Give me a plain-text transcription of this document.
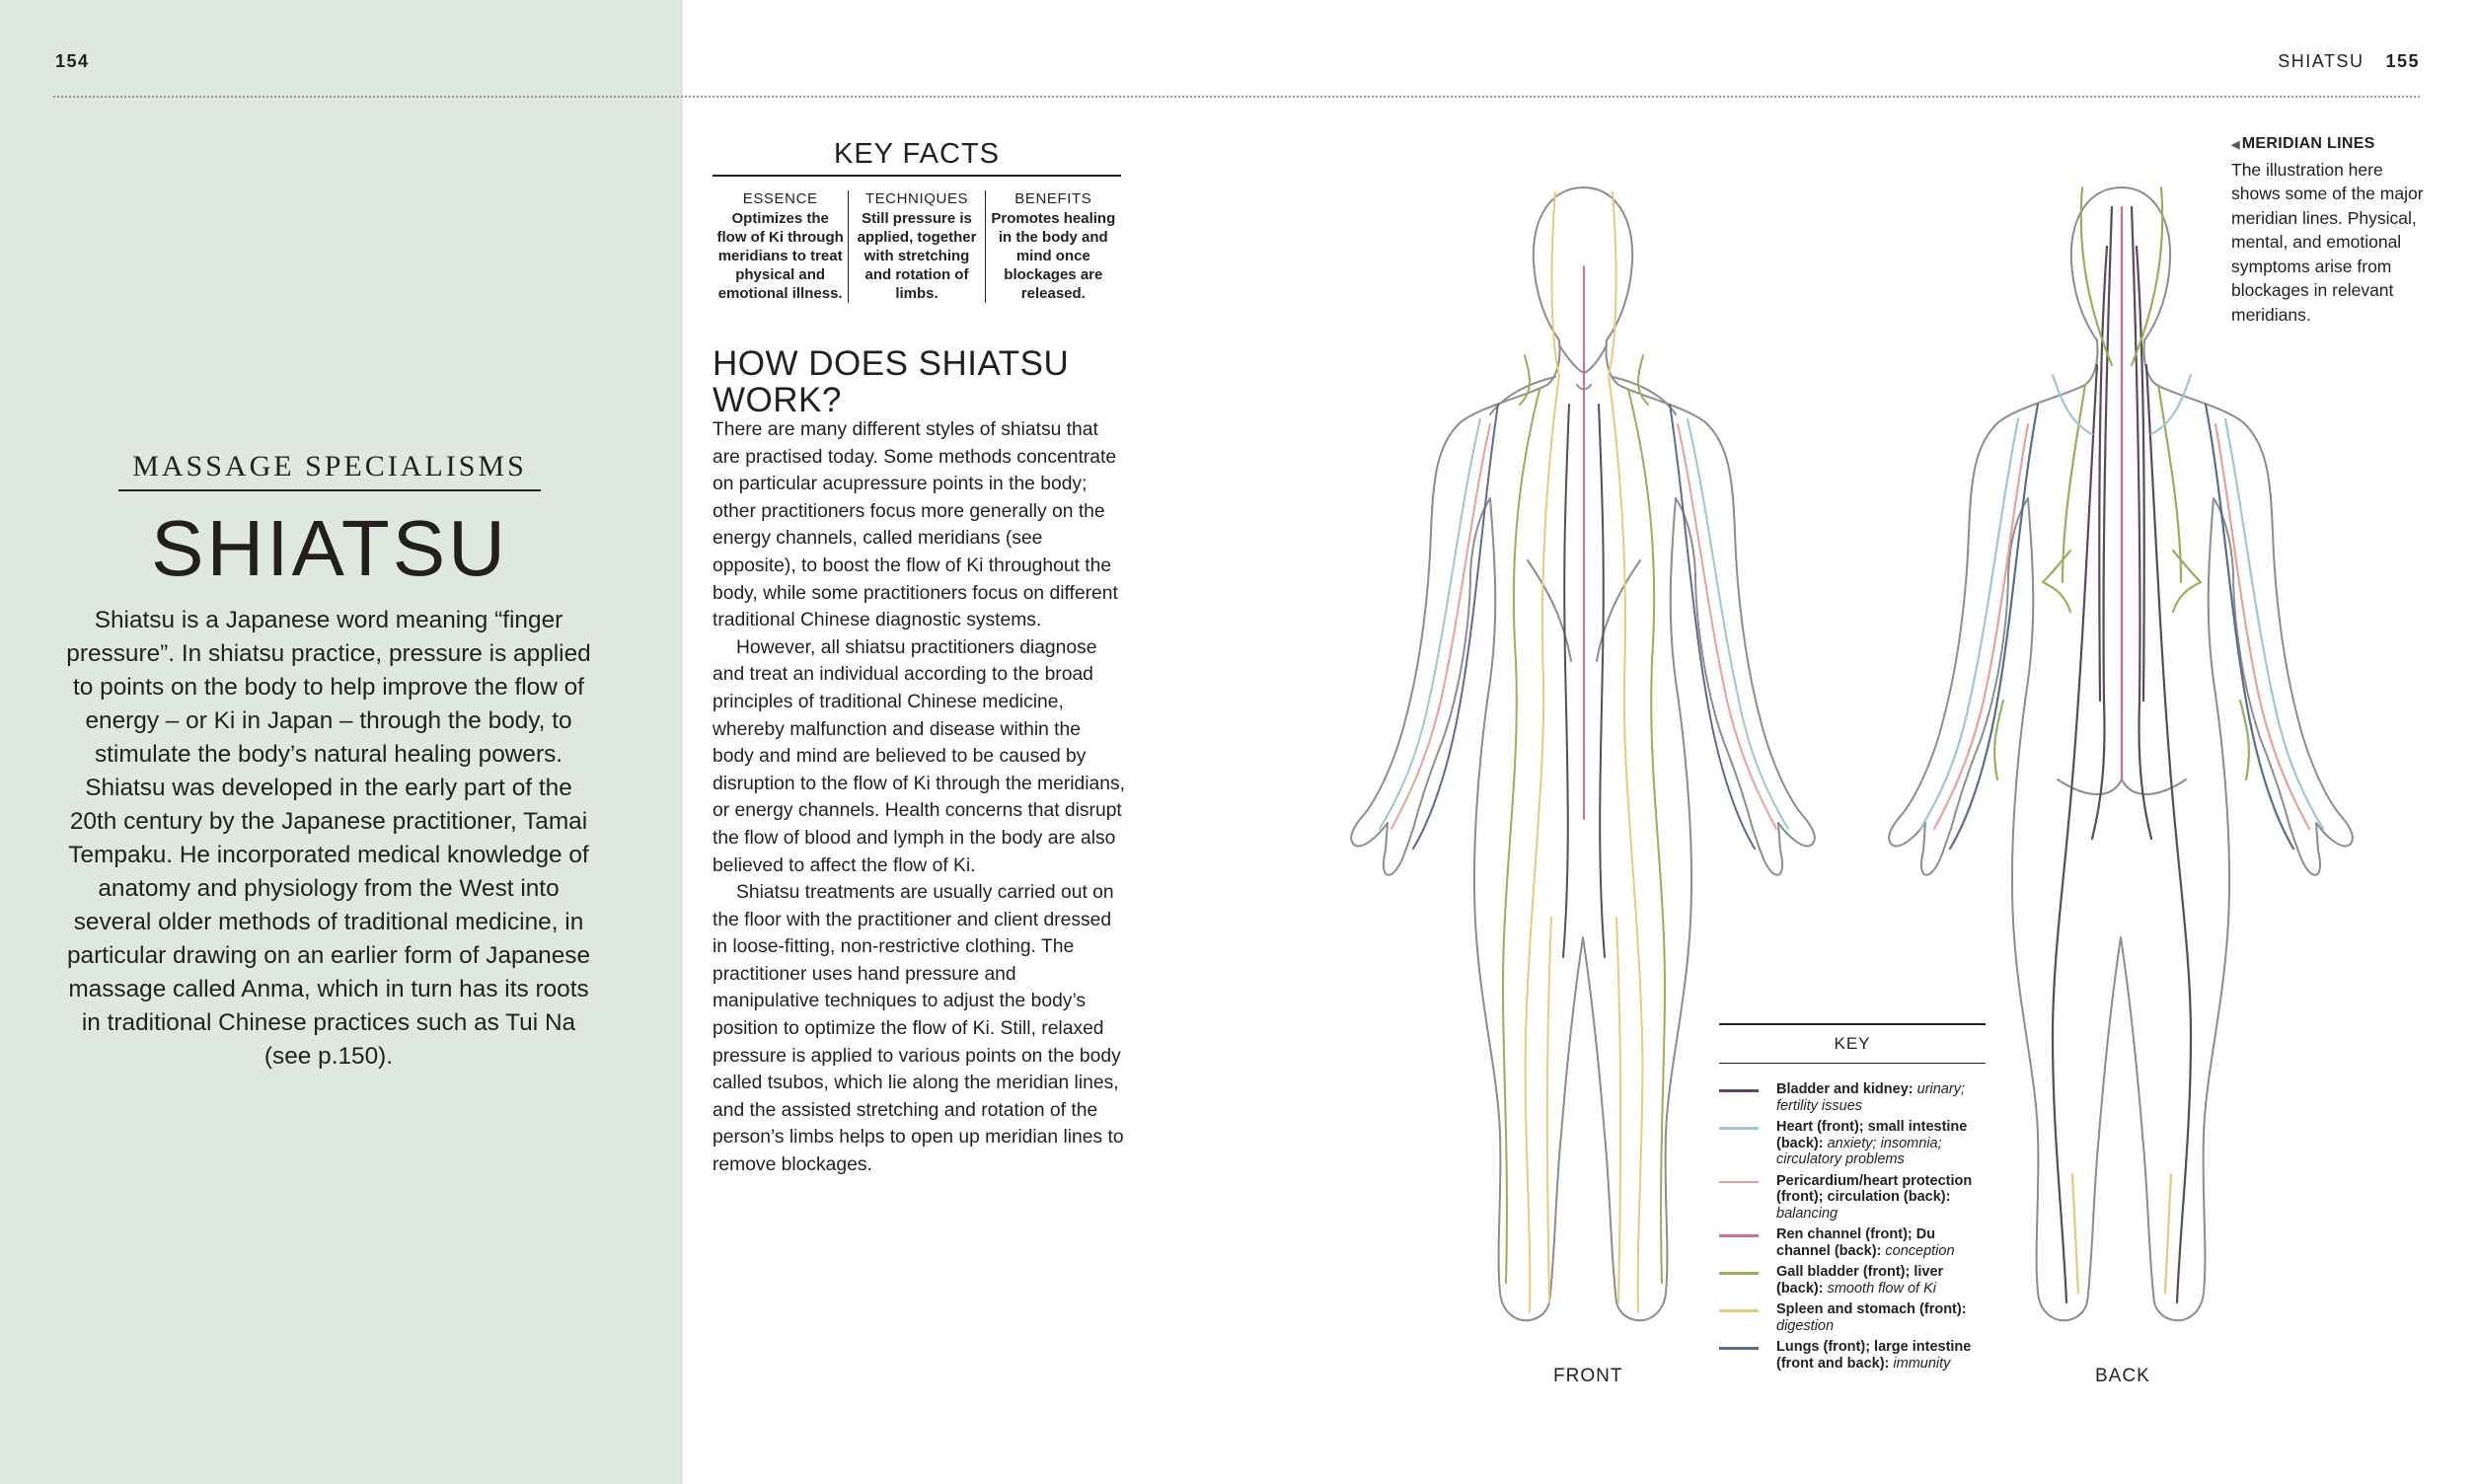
154	SHIATSU 155
MASSAGE SPECIALISMS
SHIATSU

Shiatsu is a Japanese word meaning “finger pressure”. In shiatsu practice, pressure is applied to points on the body to help improve the flow of energy – or Ki in Japan – through the body, to stimulate the body’s natural healing powers. Shiatsu was developed in the early part of the 20th century by the Japanese practitioner, Tamai Tempaku. He incorporated medical knowledge of anatomy and physiology from the West into several older methods of traditional medicine, in particular drawing on an earlier form of Japanese massage called Anma, which in turn has its roots in traditional Chinese practices such as Tui Na (see p.150).

KEY FACTS
ESSENCE
Optimizes the flow of Ki through meridians to treat physical and emotional illness.
TECHNIQUES
Still pressure is applied, together with stretching and rotation of limbs.
BENEFITS
Promotes healing in the body and mind once blockages are released.
HOW DOES SHIATSU WORK?

There are many different styles of shiatsu that are practised today. Some methods concentrate on particular acupressure points in the body; other practitioners focus more generally on the energy channels, called meridians (see opposite), to boost the flow of Ki throughout the body, while some practitioners focus on different traditional Chinese diagnostic systems.

However, all shiatsu practitioners diagnose and treat an individual according to the broad principles of traditional Chinese medicine, whereby malfunction and disease within the body and mind are believed to be caused by disruption to the flow of Ki through the meridians, or energy channels. Health concerns that disrupt the flow of blood and lymph in the body are also believed to affect the flow of Ki.

Shiatsu treatments are usually carried out on the floor with the practitioner and client dressed in loose-fitting, non-restrictive clothing. The practitioner uses hand pressure and manipulative techniques to adjust the body’s position to optimize the flow of Ki. Still, relaxed pressure is applied to various points on the body called tsubos, which lie along the meridian lines, and the assisted stretching and rotation of the person’s limbs helps to open up meridian lines to remove blockages.

FRONT	BACK
◀ MERIDIAN LINES
The illustration here shows some of the major meridian lines. Physical, mental, and emotional symptoms arise from blockages in relevant meridians.
KEY
Bladder and kidney: urinary; fertility issues
Heart (front); small intestine (back): anxiety; insomnia; circulatory problems
Pericardium/heart protection (front); circulation (back): balancing
Ren channel (front); Du channel (back): conception
Gall bladder (front); liver (back): smooth flow of Ki
Spleen and stomach (front): digestion
Lungs (front); large intestine (front and back): immunity
